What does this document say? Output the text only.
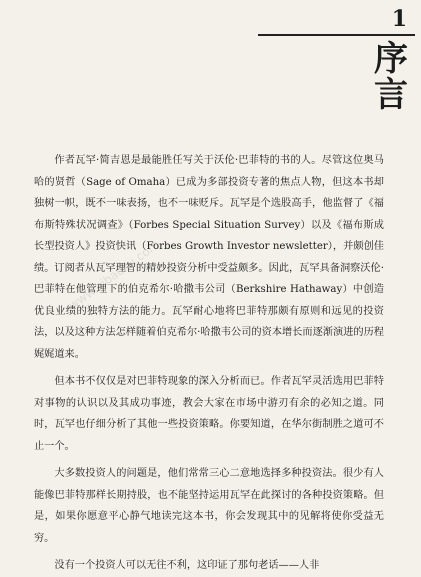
1
序
言

作者瓦罕·简吉恩是最能胜任写关于沃伦·巴菲特的书的人。尽管这位奥马哈的贤哲（Sage of Omaha）已成为多部投资专著的焦点人物，但这本书却独树一帜，既不一味表扬，也不一味贬斥。瓦罕是个选股高手，他监督了《福布斯特殊状况调查》（Forbes Special Situation Survey）以及《福布斯成长型投资人》投资快讯（Forbes Growth Investor newsletter），并颇创佳绩。订阅者从瓦罕理智的精妙投资分析中受益颇多。因此，瓦罕具备洞察沃伦·巴菲特在他管理下的伯克希尔·哈撒韦公司（Berkshire Hathaway）中创造优良业绩的独特方法的能力。瓦罕耐心地将巴菲特那颇有原则和远见的投资法，以及这种方法怎样随着伯克希尔·哈撒韦公司的资本增长而逐渐演进的历程娓娓道来。

但本书不仅仅是对巴菲特现象的深入分析而已。作者瓦罕灵活选用巴菲特对事物的认识以及其成功事迹，教会大家在市场中游刃有余的必知之道。同时，瓦罕也仔细分析了其他一些投资策略。你要知道，在华尔街制胜之道可不止一个。

大多数投资人的问题是，他们常常三心二意地选择多种投资法。很少有人能像巴菲特那样长期持股，也不能坚持运用瓦罕在此探讨的各种投资策略。但是，如果你愿意平心静气地读完这本书，你会发现其中的见解将使你受益无穷。

没有一个投资人可以无往不利，这印证了那句老话——人非

www.aibaoku.com
